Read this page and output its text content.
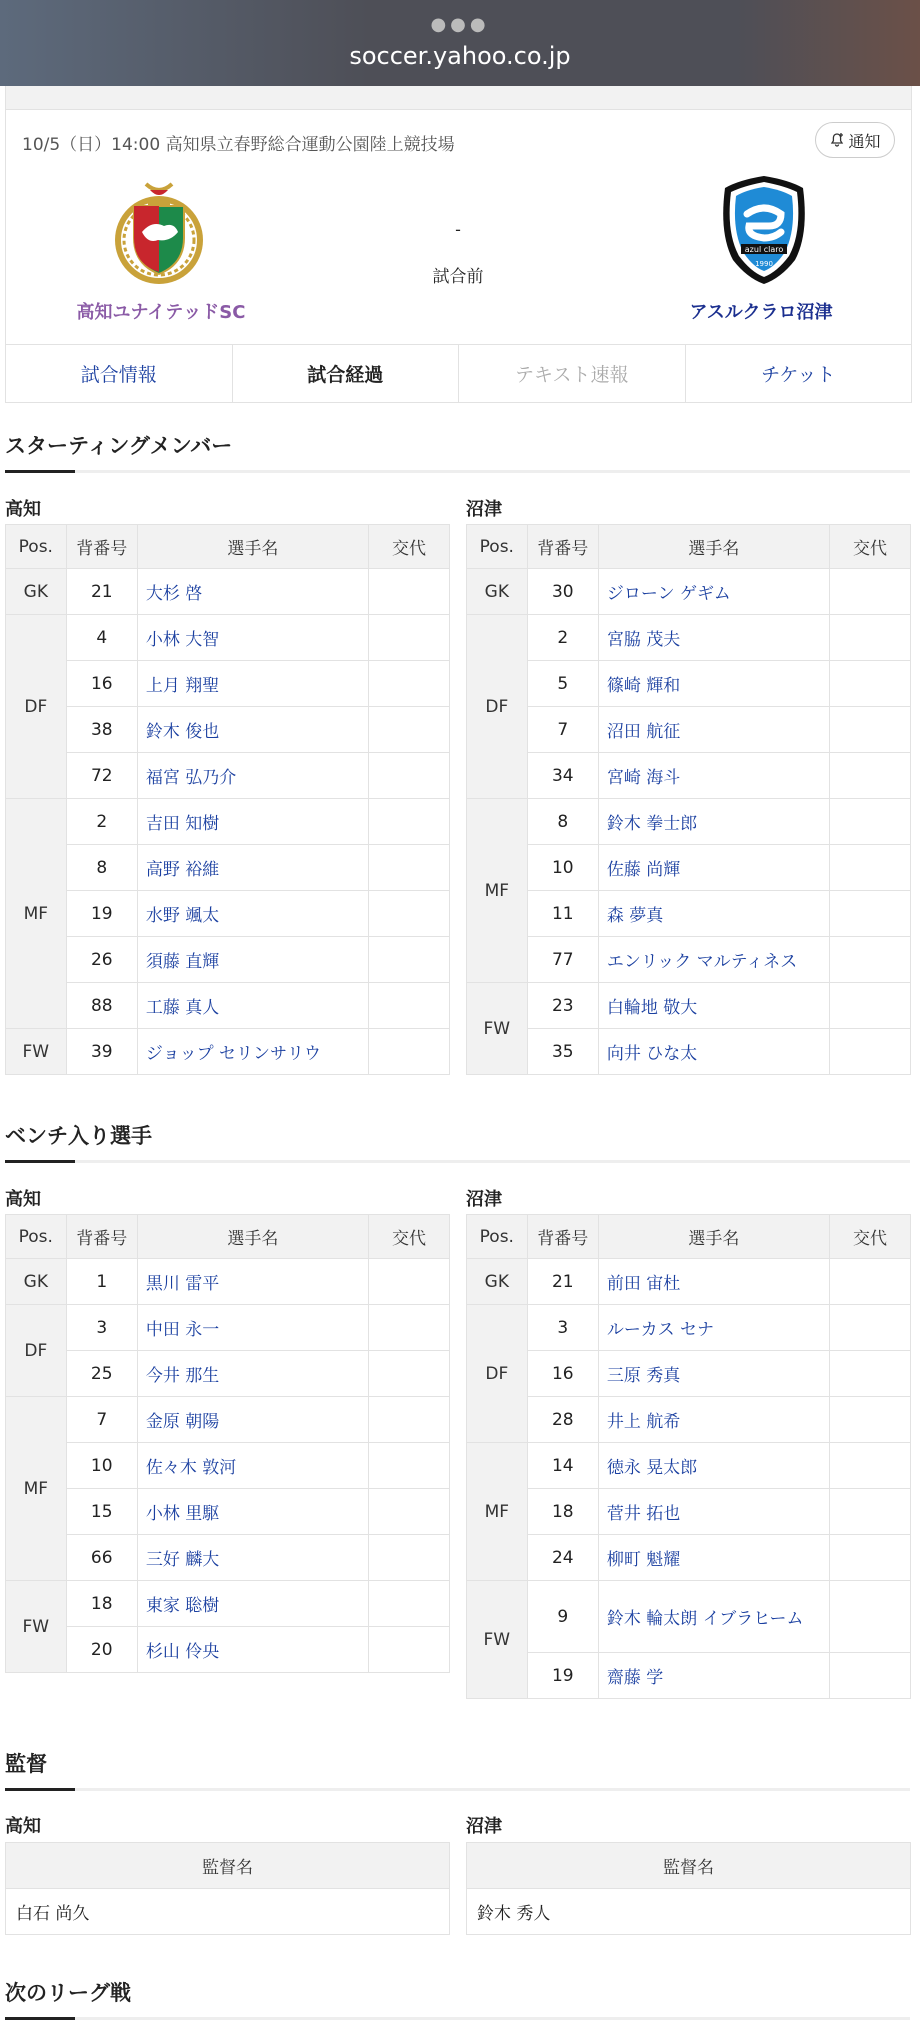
●●●
soccer.yahoo.co.jp
10/5（日）14:00 高知県立春野総合運動公園陸上競技場	通知
azul claro
1990
高知ユナイテッドSC	アスルクラロ沼津
-
試合前
試合情報	試合経過	テキスト速報	チケット
スターティングメンバー
高知	沼津
Pos.	背番号	選手名	交代
GK	21	大杉 啓	
DF	4	小林 大智	
	16	上月 翔聖	
	38	鈴木 俊也	
	72	福宮 弘乃介	
MF	2	吉田 知樹	
	8	高野 裕維	
	19	水野 颯太	
	26	須藤 直輝	
	88	工藤 真人	
FW	39	ジョップ セリンサリウ	
Pos.	背番号	選手名	交代
GK	30	ジローン ゲギム	
DF	2	宮脇 茂夫	
	5	篠崎 輝和	
	7	沼田 航征	
	34	宮崎 海斗	
MF	8	鈴木 拳士郎	
	10	佐藤 尚輝	
	11	森 夢真	
	77	エンリック マルティネス	
FW	23	白輪地 敬大	
	35	向井 ひな太	
ベンチ入り選手
高知	沼津
Pos.	背番号	選手名	交代
GK	1	黒川 雷平	
DF	3	中田 永一	
	25	今井 那生	
MF	7	金原 朝陽	
	10	佐々木 敦河	
	15	小林 里駆	
	66	三好 麟大	
FW	18	東家 聡樹	
	20	杉山 伶央	
Pos.	背番号	選手名	交代
GK	21	前田 宙杜	
DF	3	ルーカス セナ	
	16	三原 秀真	
	28	井上 航希	
MF	14	徳永 晃太郎	
	18	菅井 拓也	
	24	柳町 魁耀	
FW	9	鈴木 輪太朗 イブラヒーム	
	19	齋藤 学	
監督
高知	沼津
監督名
白石 尚久
監督名
鈴木 秀人
次のリーグ戦
